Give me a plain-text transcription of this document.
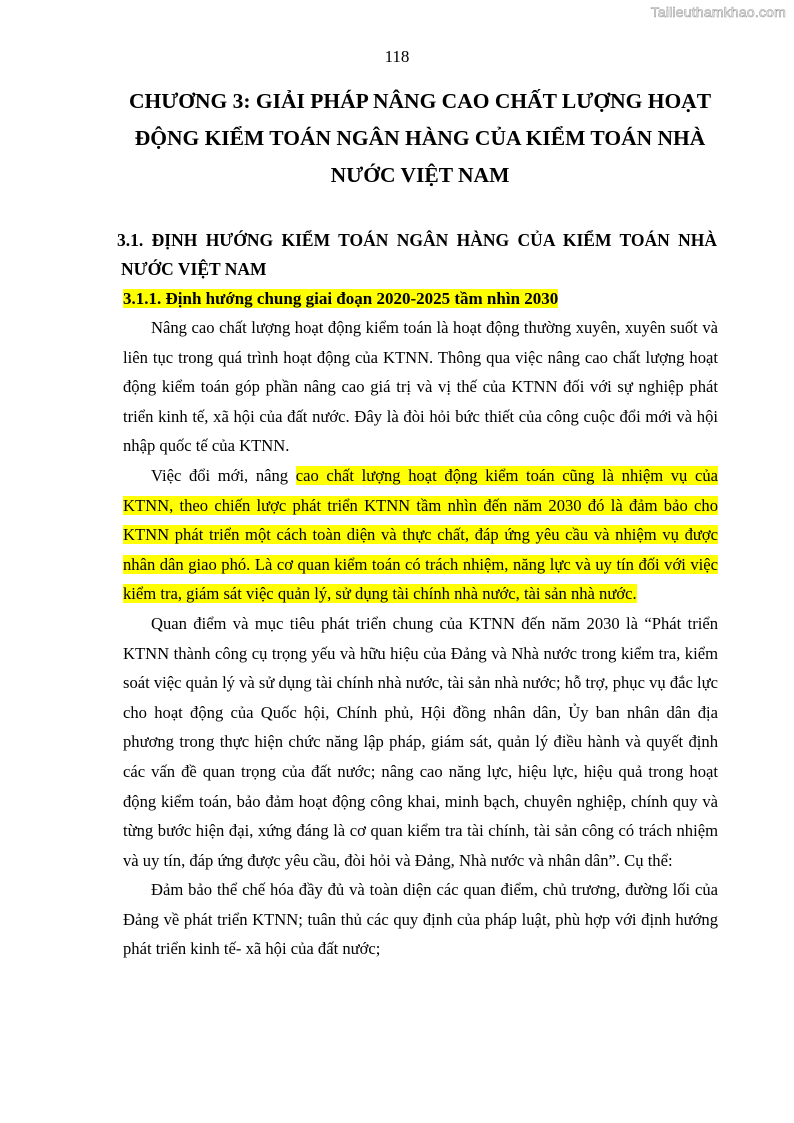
Tailieuthamkhao.com
118
CHƯƠNG 3: GIẢI PHÁP NÂNG CAO CHẤT LƯỢNG HOẠT ĐỘNG KIỂM TOÁN NGÂN HÀNG CỦA KIỂM TOÁN NHÀ NƯỚC VIỆT NAM
3.1. ĐỊNH HƯỚNG KIỂM TOÁN NGÂN HÀNG CỦA KIỂM TOÁN NHÀ
NƯỚC VIỆT NAM
3.1.1. Định hướng chung giai đoạn 2020-2025 tầm nhìn 2030

Nâng cao chất lượng hoạt động kiểm toán là hoạt động thường xuyên, xuyên suốt và liên tục trong quá trình hoạt động của KTNN. Thông qua việc nâng cao chất lượng hoạt động kiểm toán góp phần nâng cao giá trị và vị thế của KTNN đối với sự nghiệp phát triển kinh tế, xã hội của đất nước. Đây là đòi hỏi bức thiết của công cuộc đổi mới và hội nhập quốc tế của KTNN.

Việc đổi mới, nâng cao chất lượng hoạt động kiểm toán cũng là nhiệm vụ của KTNN, theo chiến lược phát triển KTNN tầm nhìn đến năm 2030 đó là đảm bảo cho KTNN phát triển một cách toàn diện và thực chất, đáp ứng yêu cầu và nhiệm vụ được nhân dân giao phó. Là cơ quan kiểm toán có trách nhiệm, năng lực và uy tín đối với việc kiểm tra, giám sát việc quản lý, sử dụng tài chính nhà nước, tài sản nhà nước.

Quan điểm và mục tiêu phát triển chung của KTNN đến năm 2030 là “Phát triển KTNN thành công cụ trọng yếu và hữu hiệu của Đảng và Nhà nước trong kiểm tra, kiểm soát việc quản lý và sử dụng tài chính nhà nước, tài sản nhà nước; hỗ trợ, phục vụ đắc lực cho hoạt động của Quốc hội, Chính phủ, Hội đồng nhân dân, Ủy ban nhân dân địa phương trong thực hiện chức năng lập pháp, giám sát, quản lý điều hành và quyết định các vấn đề quan trọng của đất nước; nâng cao năng lực, hiệu lực, hiệu quả trong hoạt động kiểm toán, bảo đảm hoạt động công khai, minh bạch, chuyên nghiệp, chính quy và từng bước hiện đại, xứng đáng là cơ quan kiểm tra tài chính, tài sản công có trách nhiệm và uy tín, đáp ứng được yêu cầu, đòi hỏi và Đảng, Nhà nước và nhân dân”. Cụ thể:

Đảm bảo thể chế hóa đầy đủ và toàn diện các quan điểm, chủ trương, đường lối của Đảng về phát triển KTNN; tuân thủ các quy định của pháp luật, phù hợp với định hướng phát triển kinh tế- xã hội của đất nước;
